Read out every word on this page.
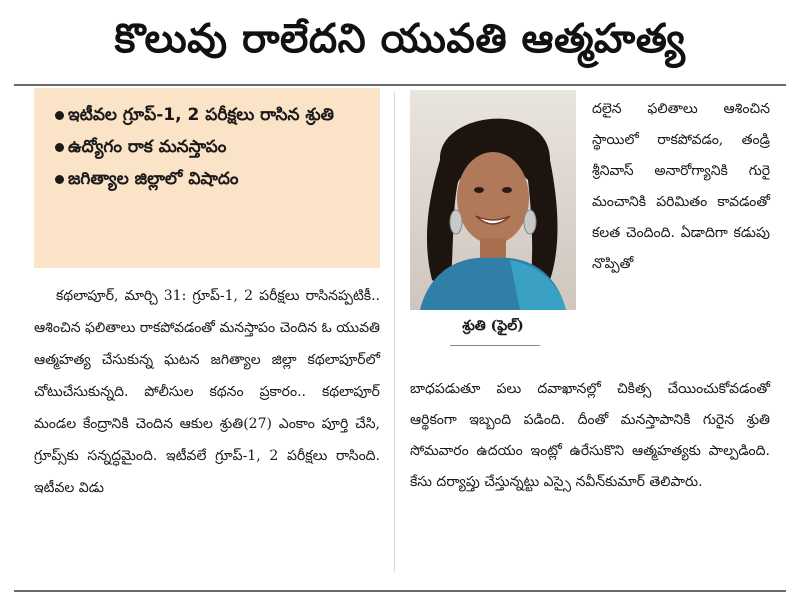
కొలువు రాలేదని యువతి ఆత్మహత్య
ఇటీవల గ్రూప్-1, 2 పరీక్షలు రాసిన శ్రుతి
ఉద్యోగం రాక మనస్తాపం
జగిత్యాల జిల్లాలో విషాదం

కథలాపూర్, మార్చి 31: గ్రూప్-1, 2 పరీక్షలు రాసినప్పటికీ.. ఆశించిన ఫలితాలు రాకపోవడంతో మనస్తాపం చెందిన ఓ యువతి ఆత్మహత్య చేసుకున్న ఘటన జగిత్యాల జిల్లా కథలాపూర్‌లో చోటుచేసుకున్నది. పోలీసుల కథనం ప్రకారం.. కథలాపూర్ మండల కేంద్రానికి చెందిన ఆకుల శ్రుతి(27) ఎంకాం పూర్తి చేసి, గ్రూప్స్‌కు సన్నద్ధమైంది. ఇటీవలే గ్రూప్-1, 2 పరీక్షలు రాసింది. ఇటీవల విడు

శ్రుతి (ఫైల్)
దలైన ఫలితాలు ఆశించిన స్థాయిలో రాకపోవడం, తండ్రి శ్రీనివాస్ అనారోగ్యానికి గురై మంచానికి పరిమితం కావడంతో కలత చెందింది. ఏడాదిగా కడుపు నొప్పితో
బాధపడుతూ పలు దవాఖానల్లో చికిత్స చేయించుకోవడంతో ఆర్థికంగా ఇబ్బంది పడింది. దీంతో మనస్తాపానికి గురైన శ్రుతి సోమవారం ఉదయం ఇంట్లో ఉరేసుకొని ఆత్మహత్యకు పాల్పడింది. కేసు దర్యాప్తు చేస్తున్నట్టు ఎస్సై నవీన్‌కుమార్ తెలిపారు.
